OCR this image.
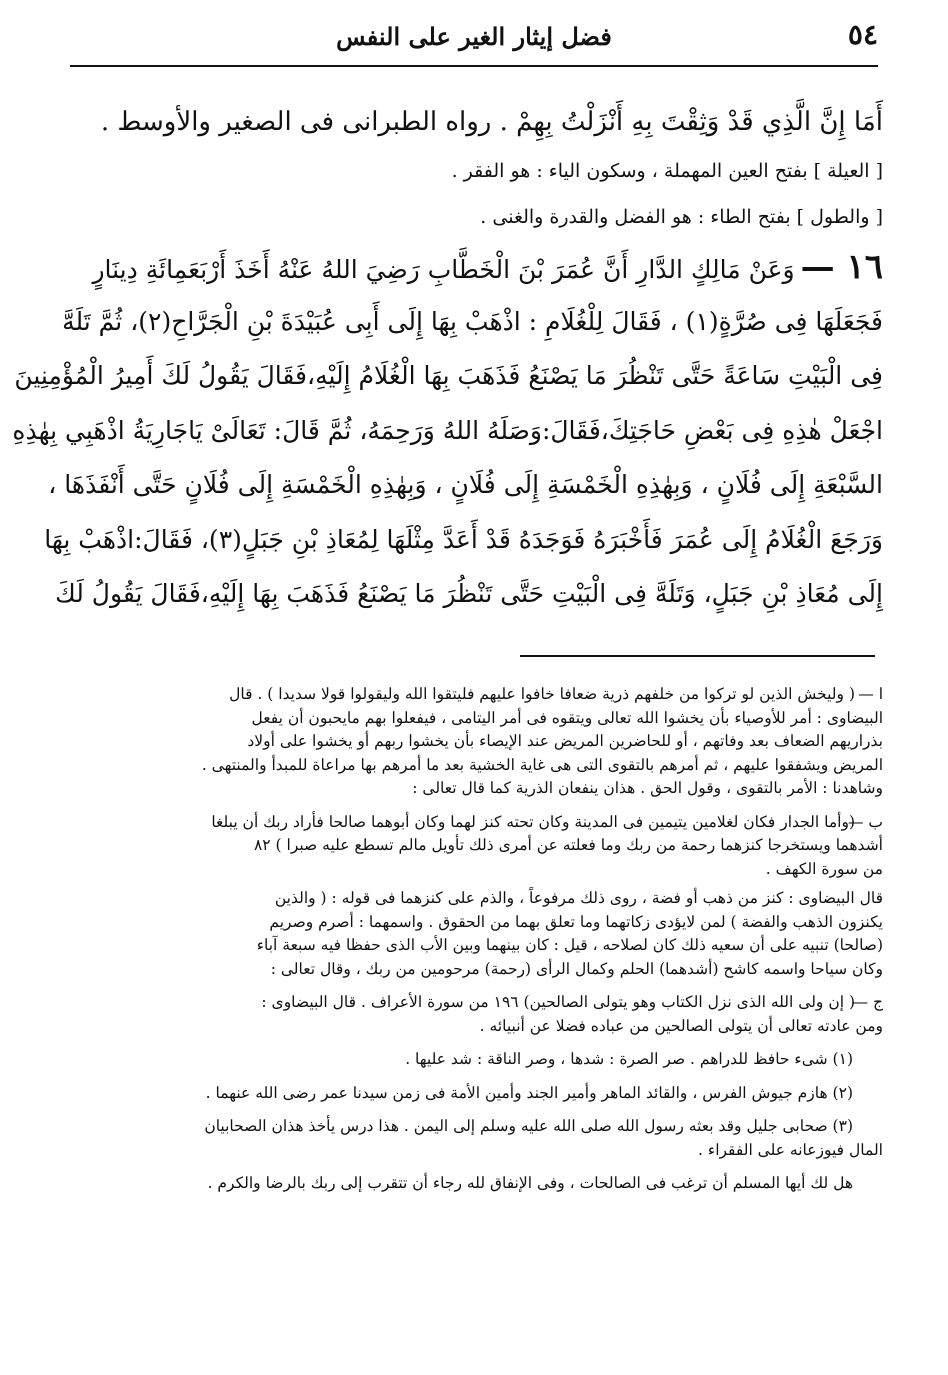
فضل إيثار الغير على النفس	٥٤
أَمَا إِنَّ الَّذِي قَدْ وَثِقْتَ بِهِ أَنْزَلْتُ بِهِمْ . رواه الطبرانى فى الصغير والأوسط .
[ العيلة ] بفتح العين المهملة ، وسكون الياء : هو الفقر .
[ والطول ] بفتح الطاء : هو الفضل والقدرة والغنى .
١٦ —وَعَنْ مَالِكٍ الدَّارِ أَنَّ عُمَرَ بْنَ الْخَطَّابِ رَضِيَ اللهُ عَنْهُ أَخَذَ أَرْبَعَمِائَةِ دِينَارٍ
فَجَعَلَهَا فِى صُرَّةٍ(١) ، فَقَالَ لِلْغُلَامِ : اذْهَبْ بِهَا إِلَى أَبِى عُبَيْدَةَ بْنِ الْجَرَّاحِ(٢)، ثُمَّ تَلَهَّ
فِى الْبَيْتِ سَاعَةً حَتَّى تَنْظُرَ مَا يَصْنَعُ فَذَهَبَ بِهَا الْغُلَامُ إِلَيْهِ،فَقَالَ يَقُولُ لَكَ أَمِيرُ الْمُؤْمِنِينَ
اجْعَلْ هٰذِهِ فِى بَعْضِ حَاجَتِكَ،فَقَالَ:وَصَلَهُ اللهُ وَرَحِمَهُ، ثُمَّ قَالَ: تَعَالَىْ يَاجَارِيَةُ اذْهَبِي بِهٰذِهِ
السَّبْعَةِ إِلَى فُلَانٍ ، وَبِهٰذِهِ الْخَمْسَةِ إِلَى فُلَانٍ ، وَبِهٰذِهِ الْخَمْسَةِ إِلَى فُلَانٍ حَتَّى أَنْفَذَهَا ،
وَرَجَعَ الْغُلَامُ إِلَى عُمَرَ فَأَخْبَرَهُ فَوَجَدَهُ قَدْ أَعَدَّ مِثْلَهَا لِمُعَاذِ بْنِ جَبَلٍ(٣)، فَقَالَ:اذْهَبْ بِهَا
إِلَى مُعَاذِ بْنِ جَبَلٍ، وَتَلَهَّ فِى الْبَيْتِ حَتَّى تَنْظُرَ مَا يَصْنَعُ فَذَهَبَ بِهَا إِلَيْهِ،فَقَالَ يَقُولُ لَكَ
ا —( وليخش الذين لو تركوا من خلفهم ذرية ضعافا خافوا عليهم فليتقوا الله وليقولوا قولا سديدا ) . قال
البيضاوى : أمر للأوصياء بأن يخشوا الله تعالى ويتقوه فى أمر اليتامى ، فيفعلوا بهم مايحبون أن يفعل
بذراريهم الضعاف بعد وفاتهم ، أو للحاضرين المريض عند الإيصاء بأن يخشوا ربهم أو يخشوا على أولاد
المريض ويشفقوا عليهم ، ثم أمرهم بالتقوى التى هى غاية الخشية بعد ما أمرهم بها مراعاة للمبدأ والمنتهى .
وشاهدنا : الأمر بالتقوى ، وقول الحق . هذان ينفعان الذرية كما قال تعالى :
ب —(وأما الجدار فكان لغلامين يتيمين فى المدينة وكان تحته كنز لهما وكان أبوهما صالحا فأراد ربك أن يبلغا
أشدهما ويستخرجا كنزهما رحمة من ربك وما فعلته عن أمرى ذلك تأويل مالم تسطع عليه صبرا ) ٨٢
من سورة الكهف .
قال البيضاوى : كنز من ذهب أو فضة ، روى ذلك مرفوعاً ، والذم على كنزهما فى قوله : ( والذين
يكنزون الذهب والفضة ) لمن لايؤدى زكاتهما وما تعلق بهما من الحقوق . واسمهما : أصرم وصريم
(صالحا) تنبيه على أن سعيه ذلك كان لصلاحه ، قيل : كان بينهما وبين الأب الذى حفظا فيه سبعة آباء
وكان سياحا واسمه كاشح (أشدهما) الحلم وكمال الرأى (رحمة) مرحومين من ربك ، وقال تعالى :
ج —( إن ولى الله الذى نزل الكتاب وهو يتولى الصالحين) ١٩٦ من سورة الأعراف . قال البيضاوى :
ومن عادته تعالى أن يتولى الصالحين من عباده فضلا عن أنبيائه .
(١) شىء حافظ للدراهم . صر الصرة : شدها ، وصر الناقة : شد عليها .
(٢) هازم جيوش الفرس ، والقائد الماهر وأمير الجند وأمين الأمة فى زمن سيدنا عمر رضى الله عنهما .
(٣) صحابى جليل وقد بعثه رسول الله صلى الله عليه وسلم إلى اليمن . هذا درس يأخذ هذان الصحابيان
المال فيوزعانه على الفقراء .
هل لك أيها المسلم أن ترغب فى الصالحات ، وفى الإنفاق لله رجاء أن تتقرب إلى ربك بالرضا والكرم .
